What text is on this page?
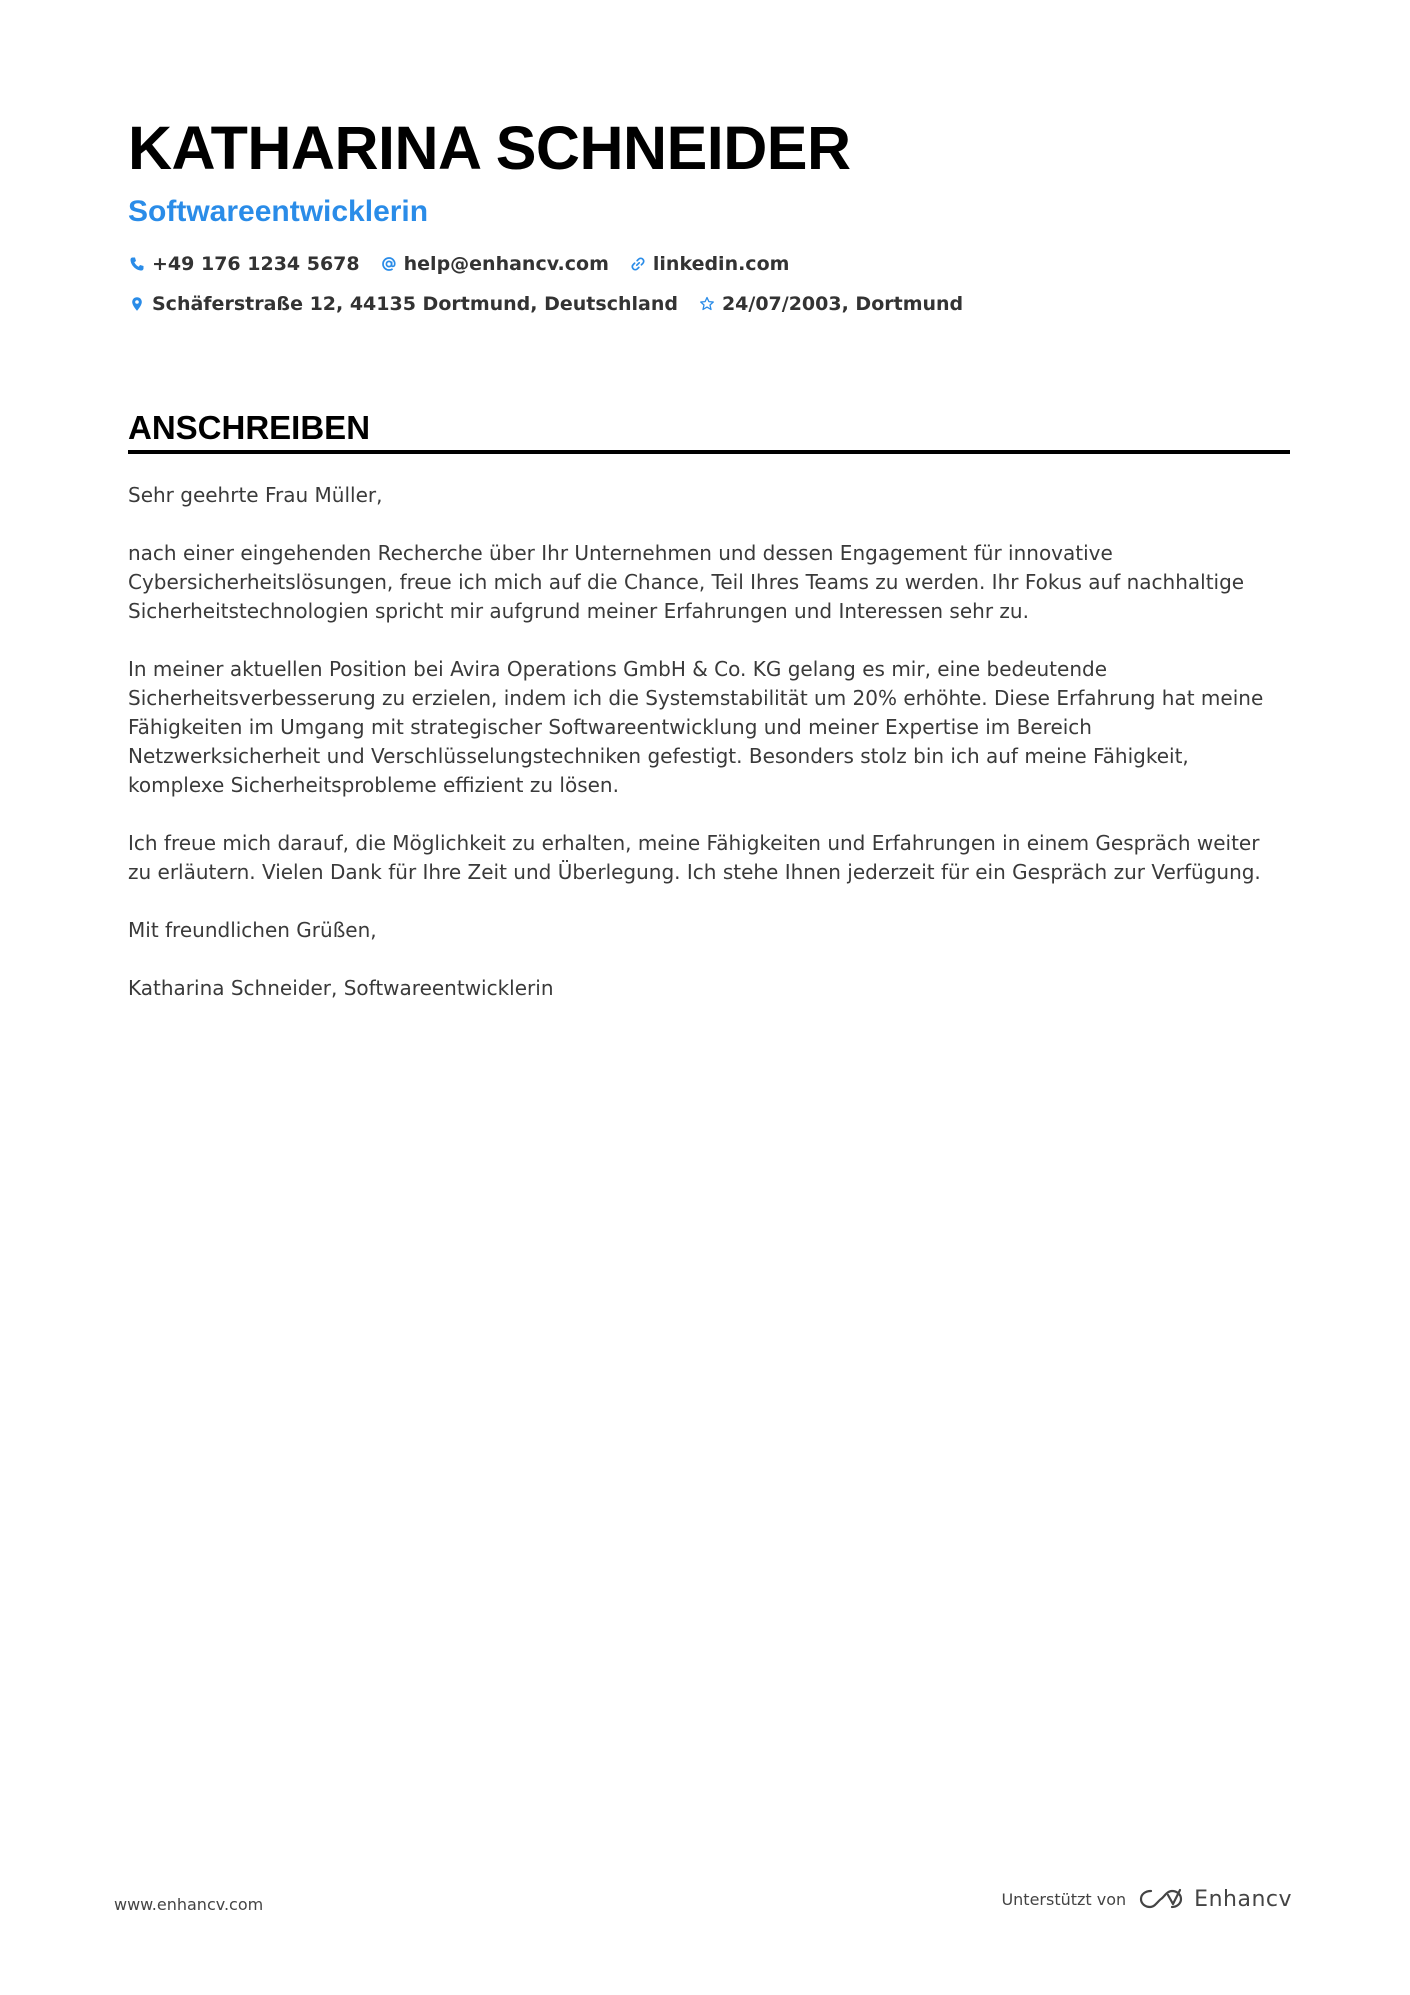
KATHARINA SCHNEIDER
Softwareentwicklerin
+49 176 1234 5678 help@enhancv.com linkedin.com
Schäferstraße 12, 44135 Dortmund, Deutschland 24/07/2003, Dortmund
ANSCHREIBEN

Sehr geehrte Frau Müller,

nach einer eingehenden Recherche über Ihr Unternehmen und dessen Engagement für innovative Cybersicherheitslösungen, freue ich mich auf die Chance, Teil Ihres Teams zu werden. Ihr Fokus auf nachhaltige Sicherheitstechnologien spricht mir aufgrund meiner Erfahrungen und Interessen sehr zu.

In meiner aktuellen Position bei Avira Operations GmbH & Co. KG gelang es mir, eine bedeutende Sicherheitsverbesserung zu erzielen, indem ich die Systemstabilität um 20% erhöhte. Diese Erfahrung hat meine Fähigkeiten im Umgang mit strategischer Softwareentwicklung und meiner Expertise im Bereich Netzwerksicherheit und Verschlüsselungstechniken gefestigt. Besonders stolz bin ich auf meine Fähigkeit, komplexe Sicherheitsprobleme effizient zu lösen.

Ich freue mich darauf, die Möglichkeit zu erhalten, meine Fähigkeiten und Erfahrungen in einem Gespräch weiter zu erläutern. Vielen Dank für Ihre Zeit und Überlegung. Ich stehe Ihnen jederzeit für ein Gespräch zur Verfügung.

Mit freundlichen Grüßen,

Katharina Schneider, Softwareentwicklerin

www.enhancv.com	Unterstützt von	Enhancv
